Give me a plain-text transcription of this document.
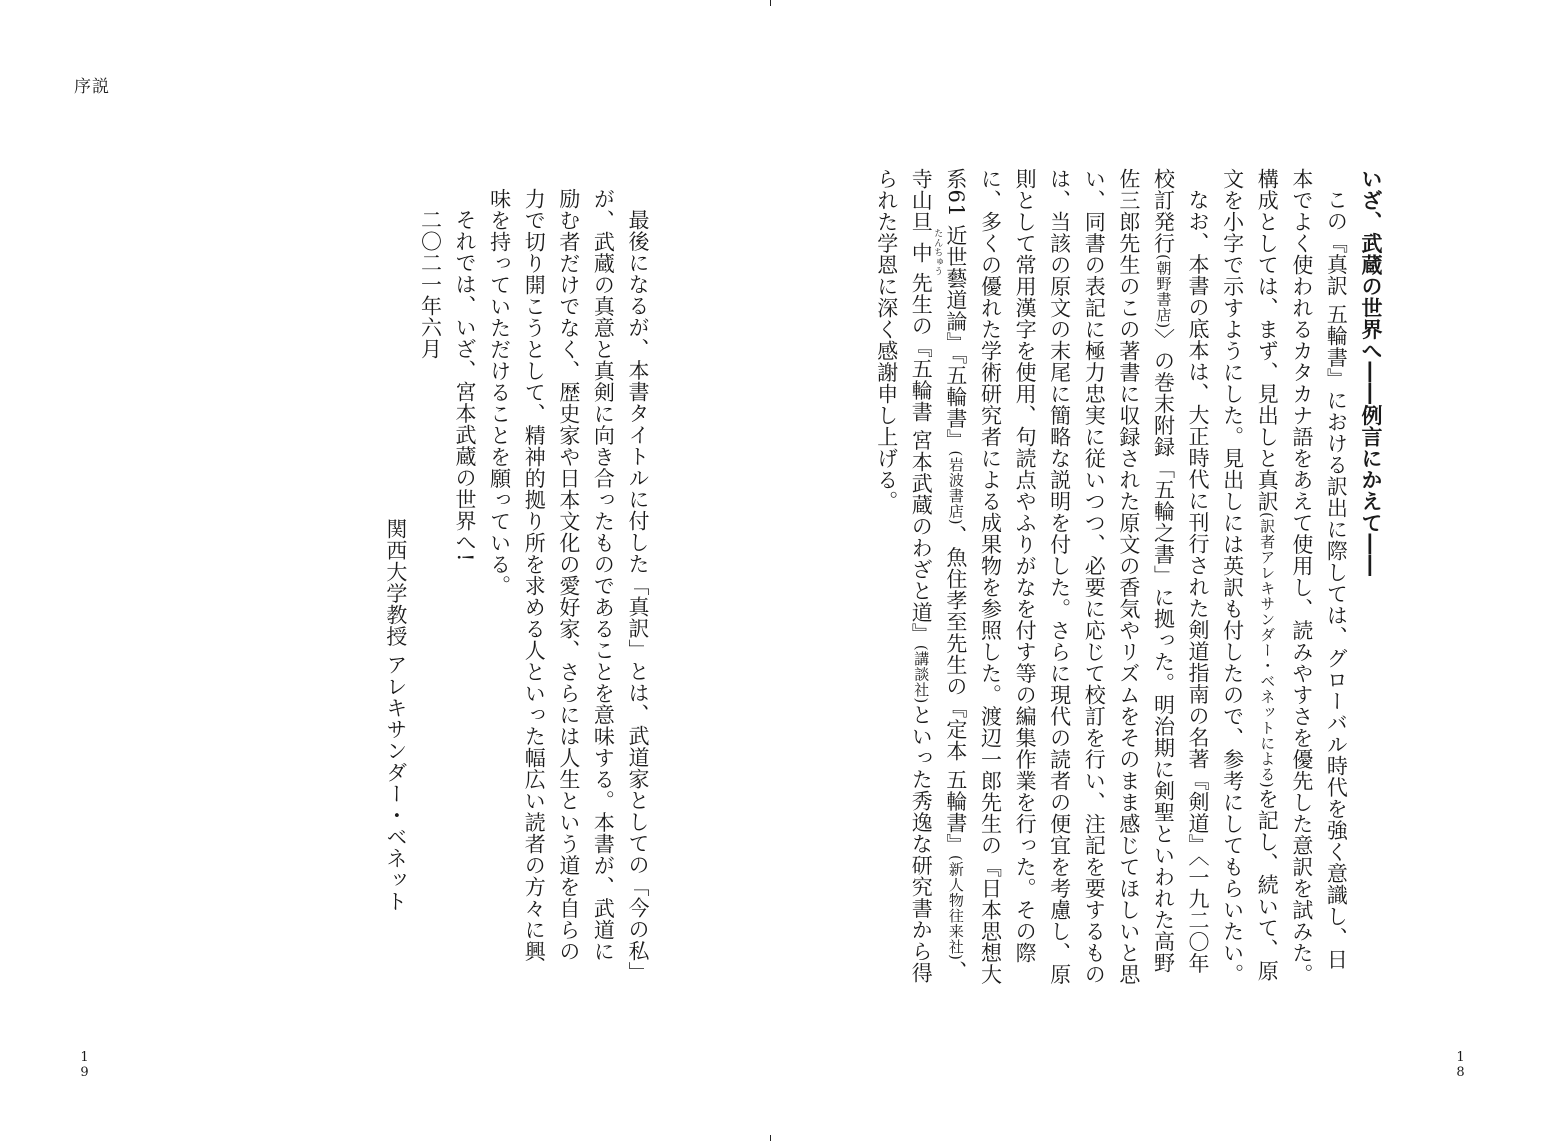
序説
19	18

いざ、武蔵の世界へ――例言にかえて――

この『真訳 五輪書』における訳出に際しては、グローバル時代を強く意識し、日本でよく使われるカタカナ語をあえて使用し、読みやすさを優先した意訳を試みた。構成としては、まず、見出しと真訳(訳者アレキサンダー・ベネットによる)を記し、続いて、原文を小字で示すようにした。見出しには英訳も付したので、参考にしてもらいたい。

なお、本書の底本は、大正時代に刊行された剣道指南の名著『剣道』〈一九二〇年校訂発行(朝野書店)〉の巻末附録「五輪之書」に拠った。明治期に剣聖といわれた高野佐三郎先生のこの著書に収録された原文の香気やリズムをそのまま感じてほしいと思い、同書の表記に極力忠実に従いつつ、必要に応じて校訂を行い、注記を要するものは、当該の原文の末尾に簡略な説明を付した。さらに現代の読者の便宜を考慮し、原則として常用漢字を使用、句読点やふりがなを付す等の編集作業を行った。その際に、多くの優れた学術研究者による成果物を参照した。渡辺一郎先生の『日本思想大系61 近世藝道論』『五輪書』(岩波書店)、魚住孝至先生の『定本 五輪書』(新人物往来社)、寺山旦中 たんちゅう先生の『五輪書 宮本武蔵のわざと道』(講談社)といった秀逸な研究書から得られた学恩に深く感謝申し上げる。

最後になるが、本書タイトルに付した「真訳」とは、武道家としての「今の私」が、武蔵の真意と真剣に向き合ったものであることを意味する。本書が、武道に励む者だけでなく、歴史家や日本文化の愛好家、さらには人生という道を自らの力で切り開こうとして、精神的拠り所を求める人といった幅広い読者の方々に興味を持っていただけることを願っている。

それでは、いざ、宮本武蔵の世界へ!

二〇二一年六月

関西大学教授 アレキサンダー・ベネット
